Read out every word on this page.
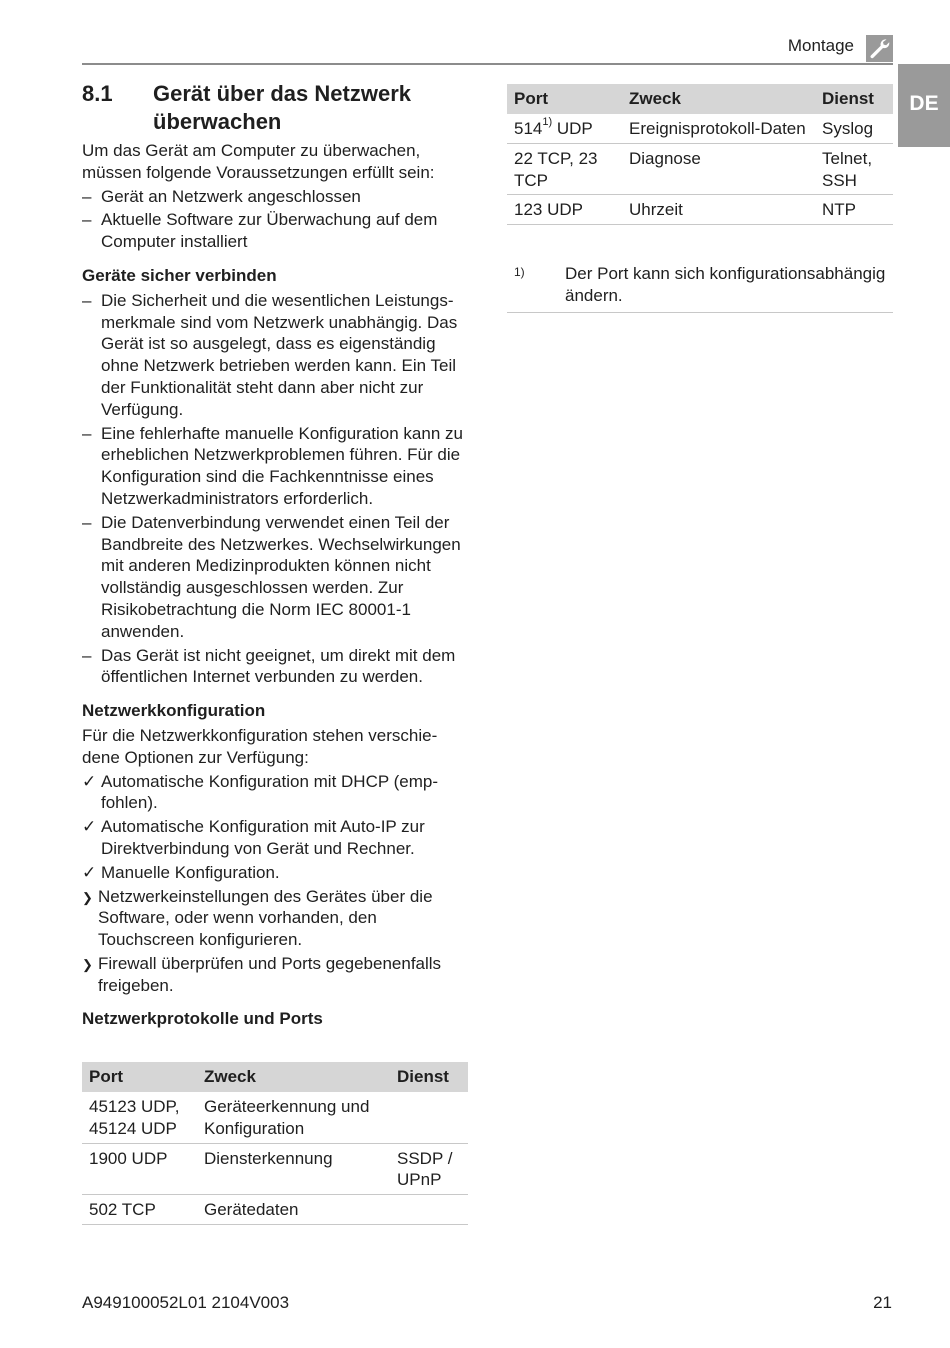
Montage
DE
8.1	Gerät über das Netzwerk überwachen

Um das Gerät am Computer zu überwachen, müssen folgende Voraussetzungen erfüllt sein:

– Gerät an Netzwerk angeschlossen
– Aktuelle Software zur Überwachung auf dem Computer installiert
Geräte sicher verbinden
– Die Sicherheit und die wesentlichen Leistungsmerkmale sind vom Netzwerk unabhängig. Das Gerät ist so ausgelegt, dass es eigenständig ohne Netzwerk betrieben werden kann. Ein Teil der Funktionalität steht dann aber nicht zur Verfügung.
– Eine fehlerhafte manuelle Konfiguration kann zu erheblichen Netzwerkproblemen führen. Für die Konfiguration sind die Fachkenntnisse eines Netzwerkadministrators erforderlich.
– Die Datenverbindung verwendet einen Teil der Bandbreite des Netzwerkes. Wechselwirkungen mit anderen Medizinprodukten können nicht vollständig ausgeschlossen werden. Zur Risikobetrachtung die Norm IEC 80001-1 anwenden.
– Das Gerät ist nicht geeignet, um direkt mit dem öffentlichen Internet verbunden zu werden.
Netzwerkkonfiguration

Für die Netzwerkkonfiguration stehen verschiedene Optionen zur Verfügung:

✓ Automatische Konfiguration mit DHCP (empfohlen).
✓ Automatische Konfiguration mit Auto-IP zur Direktverbindung von Gerät und Rechner.
✓ Manuelle Konfiguration.
❯ Netzwerkeinstellungen des Gerätes über die Software, oder wenn vorhanden, den Touchscreen konfigurieren.
❯ Firewall überprüfen und Ports gegebenenfalls freigeben.
Netzwerkprotokolle und Ports
Port	Zweck	Dienst
45123 UDP, 45124 UDP	Geräteerkennung und Konfiguration	
1900 UDP	Diensterkennung	SSDP / UPnP
502 TCP	Gerätedaten	
Port	Zweck	Dienst
514$^{1)}$ UDP	Ereignisprotokoll-Daten	Syslog
22 TCP, 23 TCP	Diagnose	Telnet, SSH
123 UDP	Uhrzeit	NTP
1)	Der Port kann sich konfigurationsabhängig ändern.
A949100052L01 2104V003	21
